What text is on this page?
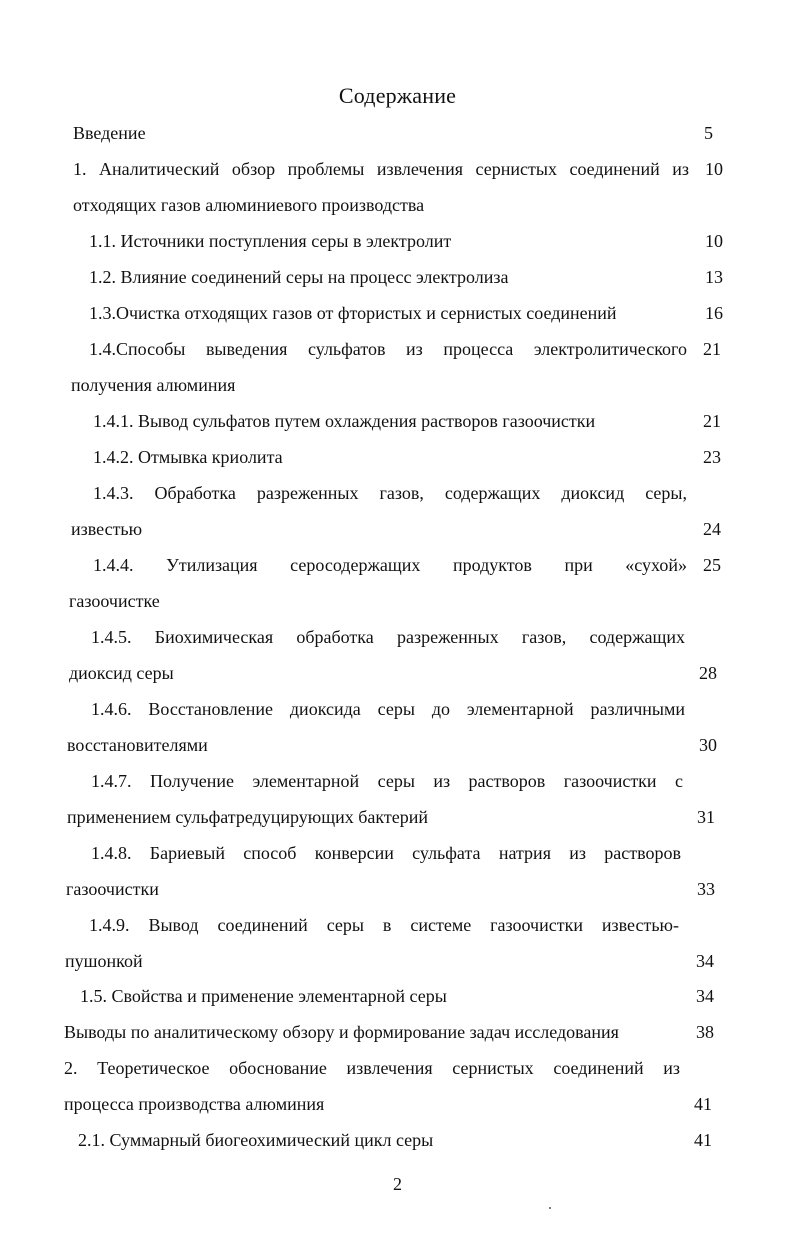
Содержание
Введение	5
1. Аналитический обзор проблемы извлечения сернистых соединений из 10
отходящих газов алюминиевого производства
1.1. Источники поступления серы в электролит	10
1.2. Влияние соединений серы на процесс электролиза	13
1.3.Очистка отходящих газов от фтористых и сернистых соединений	16
1.4.Способы выведения сульфатов из процесса электролитического 21
получения алюминия
1.4.1. Вывод сульфатов путем охлаждения растворов газоочистки	21
1.4.2. Отмывка криолита	23
1.4.3. Обработка разреженных газов, содержащих диоксид серы,
известью	24
1.4.4. Утилизация серосодержащих продуктов при «сухой» 25
газоочистке
1.4.5. Биохимическая обработка разреженных газов, содержащих
диоксид серы	28
1.4.6. Восстановление диоксида серы до элементарной различными
восстановителями	30
1.4.7. Получение элементарной серы из растворов газоочистки с
применением сульфатредуцирующих бактерий	31
1.4.8. Бариевый способ конверсии сульфата натрия из растворов
газоочистки	33
1.4.9. Вывод соединений серы в системе газоочистки известью-
пушонкой	34
1.5. Свойства и применение элементарной серы	34
Выводы по аналитическому обзору и формирование задач исследования	38
2. Теоретическое обоснование извлечения сернистых соединений из
процесса производства алюминия	41
2.1. Суммарный биогеохимический цикл серы	41
2
